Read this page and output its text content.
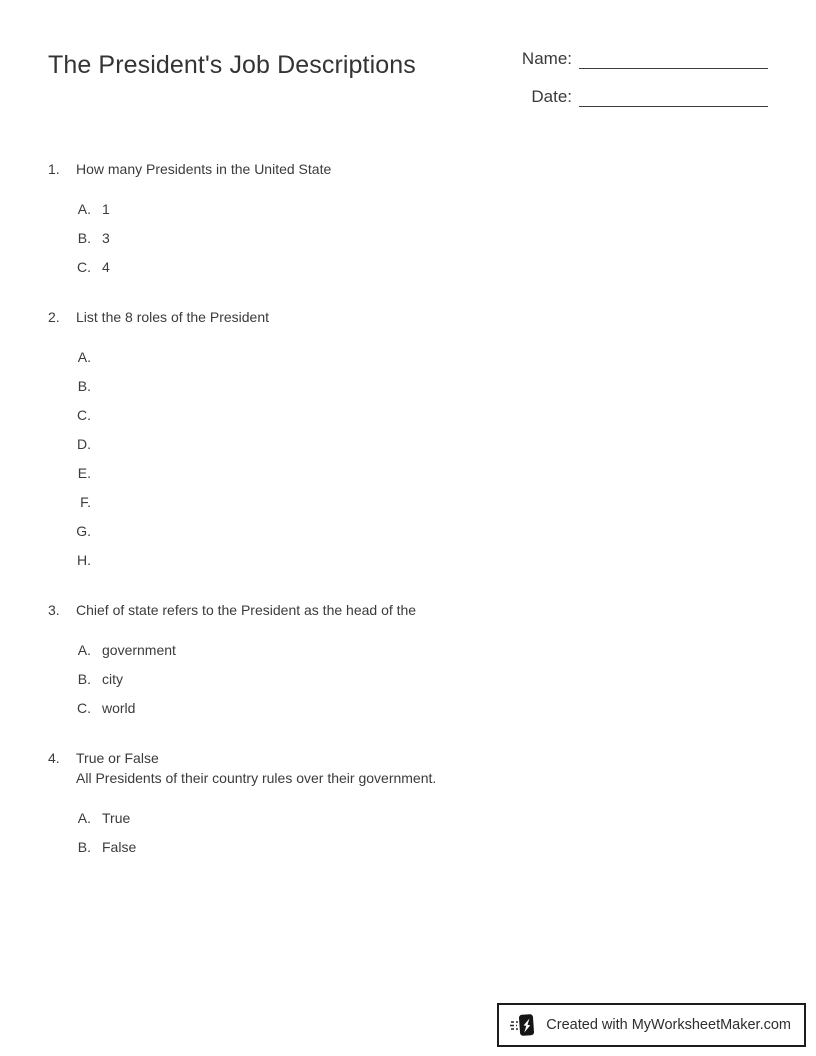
The President's Job Descriptions	Name:
Date:
1.	How many Presidents in the United State
A. 1
B. 3
C. 4
2.	List the 8 roles of the President
A.
B.
C.
D.
E.
F.
G.
H.
3.	Chief of state refers to the President as the head of the
A. government
B. city
C. world
4.	True or False
All Presidents of their country rules over their government.
A. True
B. False
Created with MyWorksheetMaker.com
